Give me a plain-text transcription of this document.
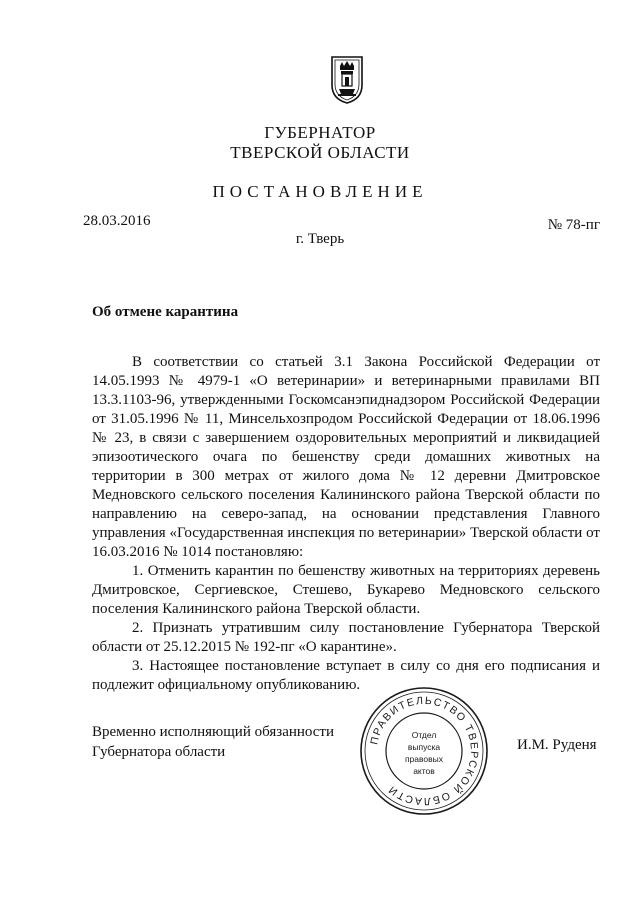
ГУБЕРНАТОР
ТВЕРСКОЙ ОБЛАСТИ
ПОСТАНОВЛЕНИЕ
28.03.2016	№ 78-пг
г. Тверь
Об отмене карантина

В соответствии со статьей 3.1 Закона Российской Федерации от 14.05.1993 № 4979-1 «О ветеринарии» и ветеринарными правилами ВП 13.3.1103-96, утвержденными Госкомсанэпиднадзором Российской Федерации от 31.05.1996 № 11, Минсельхозпродом Российской Федерации от 18.06.1996 № 23, в связи с завершением оздоровительных мероприятий и ликвидацией эпизоотического очага по бешенству среди домашних животных на территории в 300 метрах от жилого дома № 12 деревни Дмитровское Медновского сельского поселения Калининского района Тверской области по направлению на северо-запад, на основании представления Главного управления «Государственная инспекция по ветеринарии» Тверской области от 16.03.2016 № 1014 постановляю:

1. Отменить карантин по бешенству животных на территориях деревень Дмитровское, Сергиевское, Стешево, Букарево Медновского сельского поселения Калининского района Тверской области.

2. Признать утратившим силу постановление Губернатора Тверской области от 25.12.2015 № 192-пг «О карантине».

3. Настоящее постановление вступает в силу со дня его подписания и подлежит официальному опубликованию.

Временно исполняющий обязанности
Губернатора области	И.М. Руденя
ПРАВИТЕЛЬСТВО ТВЕРСКОЙ ОБЛАСТИ
Отдел
выпуска
правовых
актов
